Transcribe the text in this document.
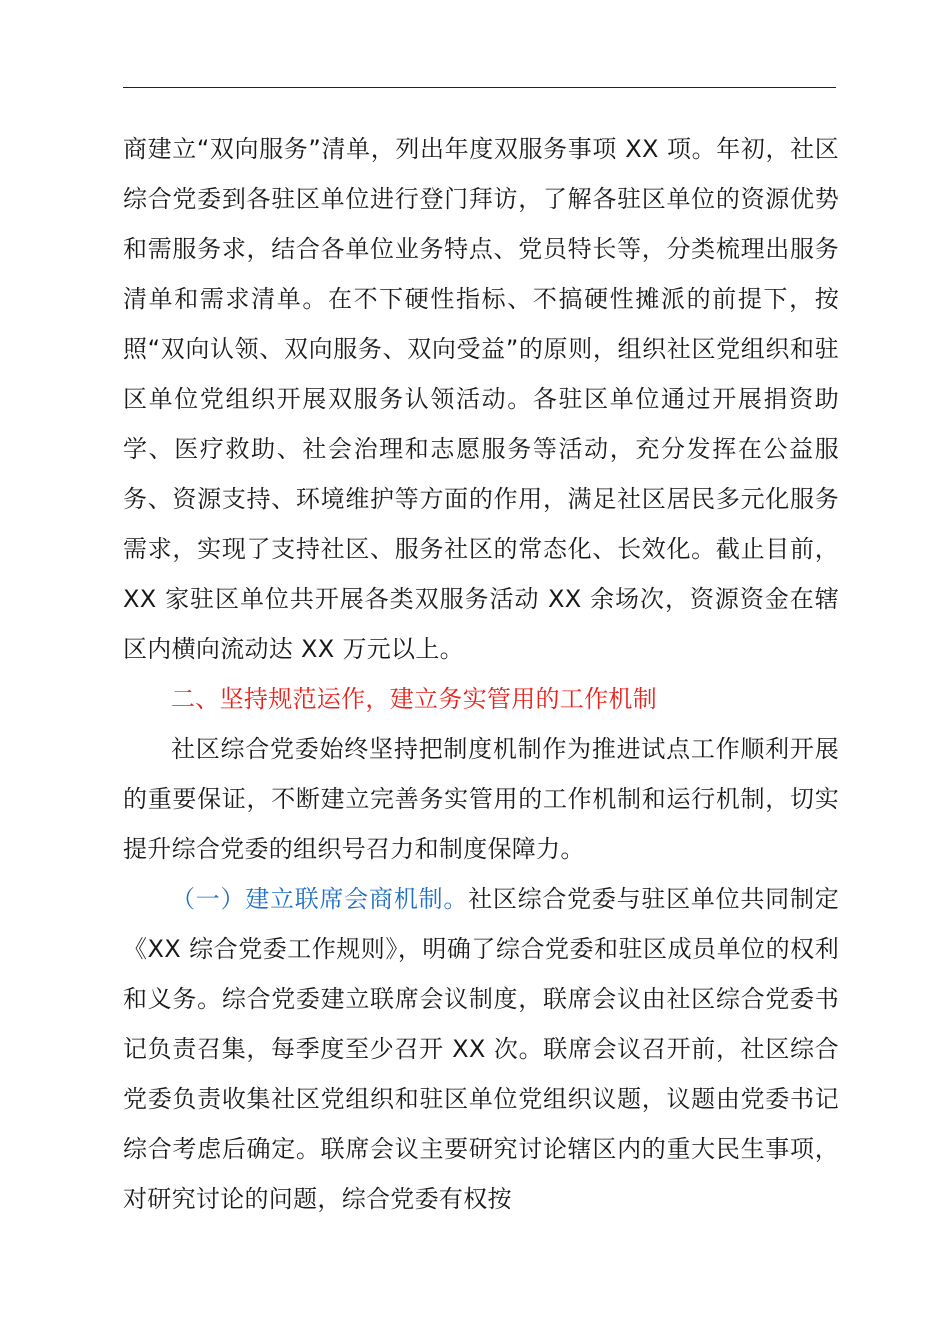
商建立“双向服务”清单，列出年度双服务事项 XX 项。年初，社区综合党委到各驻区单位进行登门拜访，了解各驻区单位的资源优势和需服务求，结合各单位业务特点、党员特长等，分类梳理出服务清单和需求清单。在不下硬性指标、不搞硬性摊派的前提下，按照“双向认领、双向服务、双向受益”的原则，组织社区党组织和驻区单位党组织开展双服务认领活动。各驻区单位通过开展捐资助学、医疗救助、社会治理和志愿服务等活动，充分发挥在公益服务、资源支持、环境维护等方面的作用，满足社区居民多元化服务需求，实现了支持社区、服务社区的常态化、长效化。截止目前，XX 家驻区单位共开展各类双服务活动 XX 余场次，资源资金在辖区内横向流动达 XX 万元以上。

二、坚持规范运作，建立务实管用的工作机制

社区综合党委始终坚持把制度机制作为推进试点工作顺利开展的重要保证，不断建立完善务实管用的工作机制和运行机制，切实提升综合党委的组织号召力和制度保障力。

（一）建立联席会商机制。社区综合党委与驻区单位共同制定《XX 综合党委工作规则》，明确了综合党委和驻区成员单位的权利和义务。综合党委建立联席会议制度，联席会议由社区综合党委书记负责召集，每季度至少召开 XX 次。联席会议召开前，社区综合党委负责收集社区党组织和驻区单位党组织议题，议题由党委书记综合考虑后确定。联席会议主要研究讨论辖区内的重大民生事项，对研究讨论的问题，综合党委有权按
